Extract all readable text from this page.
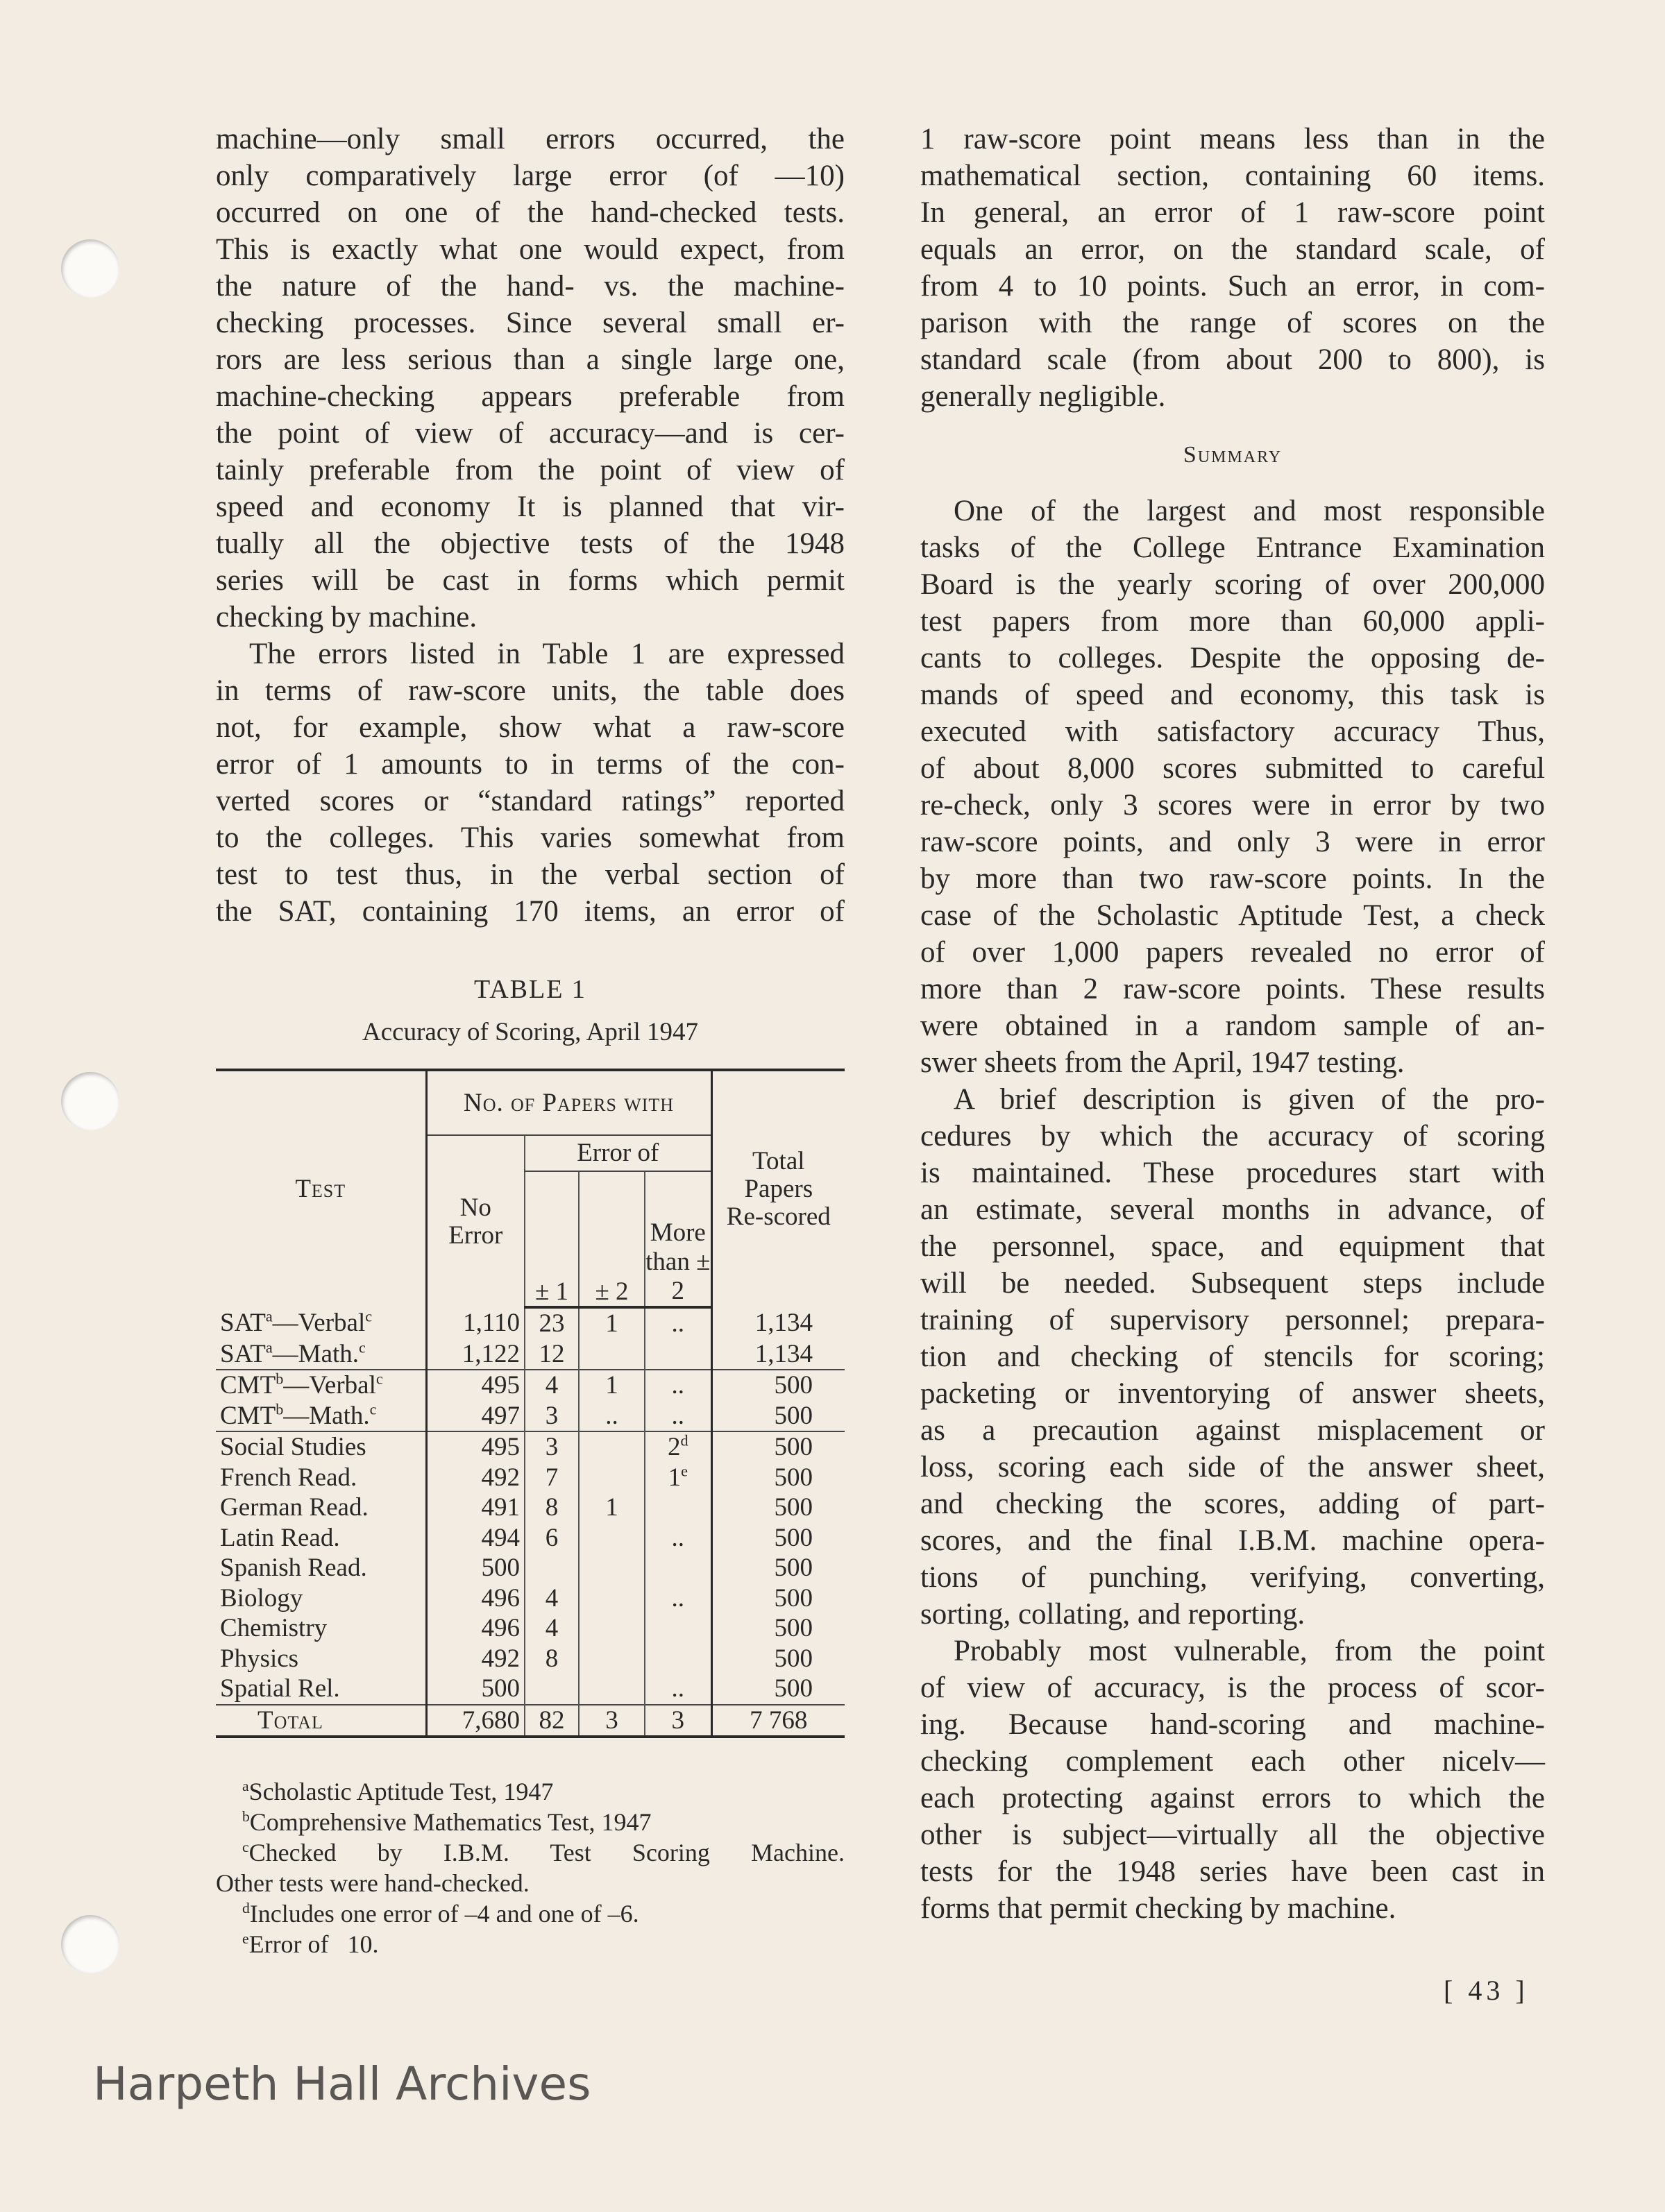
machine—only small errors occurred, the
only comparatively large error (of —10)
occurred on one of the hand-checked tests.
This is exactly what one would expect, from
the nature of the hand- vs. the machine-
checking processes. Since several small er-
rors are less serious than a single large one,
machine-checking appears preferable from
the point of view of accuracy—and is cer-
tainly preferable from the point of view of
speed and economy It is planned that vir-
tually all the objective tests of the 1948
series will be cast in forms which permit
checking by machine.
The errors listed in Table 1 are expressed
in terms of raw-score units, the table does
not, for example, show what a raw-score
error of 1 amounts to in terms of the con-
verted scores or “standard ratings” reported
to the colleges. This varies somewhat from
test to test thus, in the verbal section of
the SAT, containing 170 items, an error of
TABLE 1
Accuracy of Scoring, April 1947
Test	No. of Papers with				Total Papers Re-scored
	No Error	Error of			
		± 1	± 2	More than ± 2	
SAT$^a$—Verbal$^c$	1,110	23	1	..	1,134
SAT$^a$—Math.$^c$	1,122	12			1,134
CMT$^b$—Verbal$^c$	495	4	1	..	500
CMT$^b$—Math.$^c$	497	3	..	..	500
Social Studies	495	3		2$^d$	500
French Read.	492	7		1e	500
German Read.	491	8	1		500
Latin Read.	494	6		..	500
Spanish Read.	500				500
Biology	496	4		..	500
Chemistry	496	4			500
Physics	492	8			500
Spatial Rel.	500			..	500
Total	7,680	82	3	3	7 768
$^a$Scholastic Aptitude Test, 1947
$^b$Comprehensive Mathematics Test, 1947
$^c$Checked by I.B.M. Test Scoring Machine.
Other tests were hand-checked.
$^d$Includes one error of –4 and one of –6.
$^e$Error of   10.
1 raw-score point means less than in the
mathematical section, containing 60 items.
In general, an error of 1 raw-score point
equals an error, on the standard scale, of
from 4 to 10 points. Such an error, in com-
parison with the range of scores on the
standard scale (from about 200 to 800), is
generally negligible.
Summary
One of the largest and most responsible
tasks of the College Entrance Examination
Board is the yearly scoring of over 200,000
test papers from more than 60,000 appli-
cants to colleges. Despite the opposing de-
mands of speed and economy, this task is
executed with satisfactory accuracy Thus,
of about 8,000 scores submitted to careful
re-check, only 3 scores were in error by two
raw-score points, and only 3 were in error
by more than two raw-score points. In the
case of the Scholastic Aptitude Test, a check
of over 1,000 papers revealed no error of
more than 2 raw-score points. These results
were obtained in a random sample of an-
swer sheets from the April, 1947 testing.
A brief description is given of the pro-
cedures by which the accuracy of scoring
is maintained. These procedures start with
an estimate, several months in advance, of
the personnel, space, and equipment that
will be needed. Subsequent steps include
training of supervisory personnel; prepara-
tion and checking of stencils for scoring;
packeting or inventorying of answer sheets,
as a precaution against misplacement or
loss, scoring each side of the answer sheet,
and checking the scores, adding of part-
scores, and the final I.B.M. machine opera-
tions of punching, verifying, converting,
sorting, collating, and reporting.
Probably most vulnerable, from the point
of view of accuracy, is the process of scor-
ing. Because hand-scoring and machine-
checking complement each other nicelv—
each protecting against errors to which the
other is subject—virtually all the objective
tests for the 1948 series have been cast in
forms that permit checking by machine.
[ 43 ]
Harpeth Hall Archives
